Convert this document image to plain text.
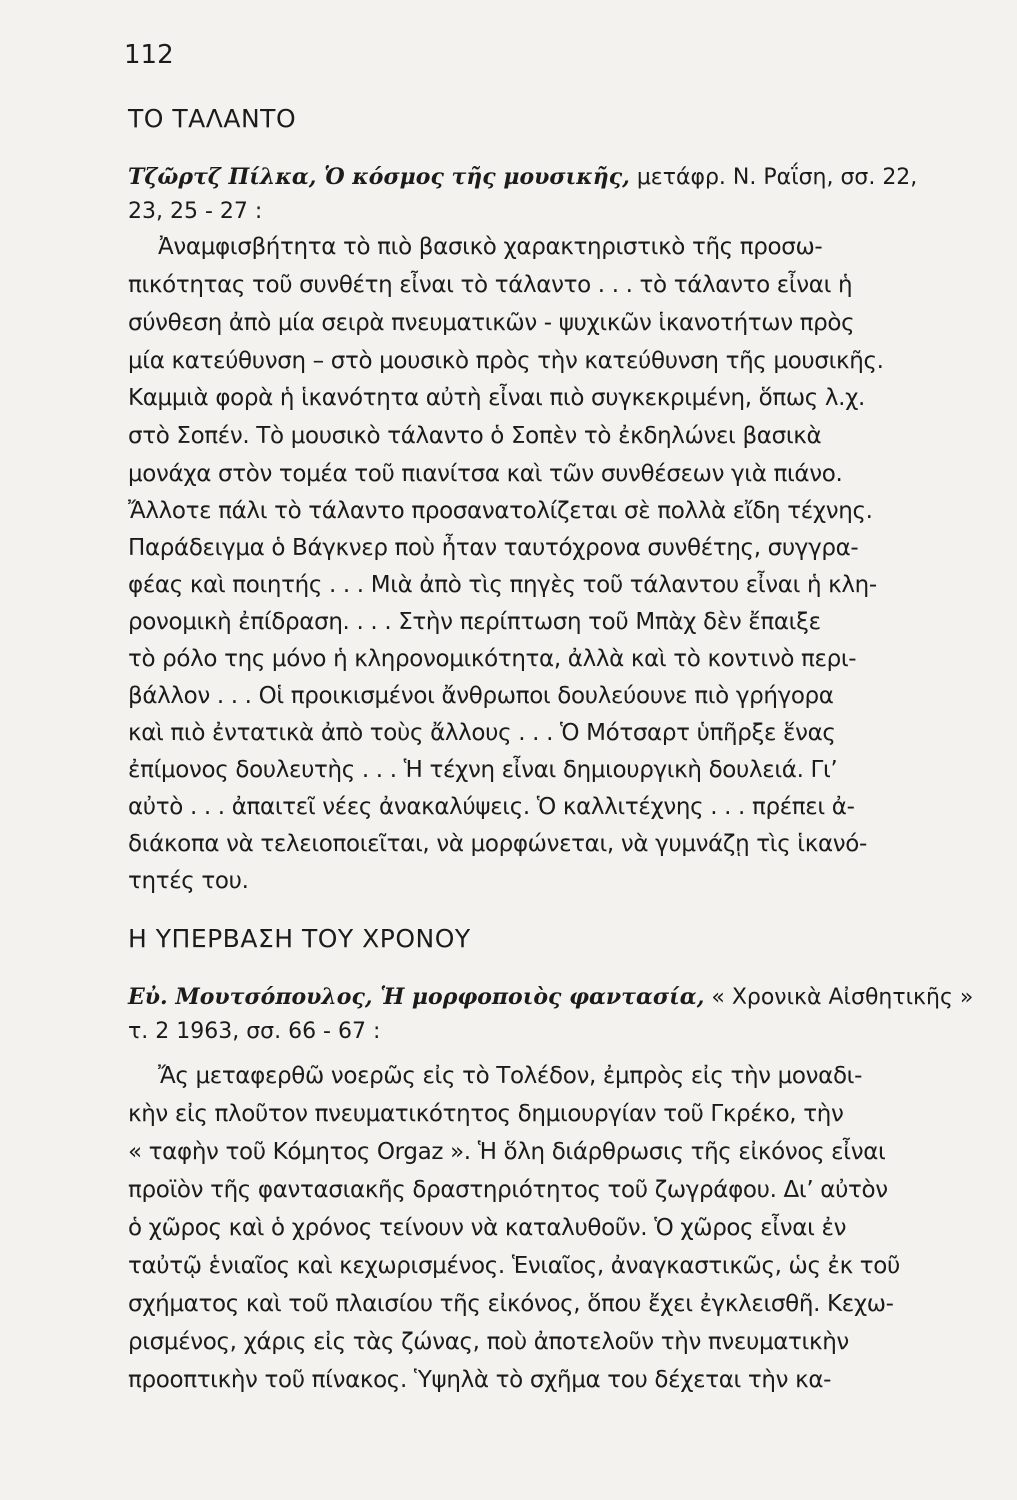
112
ΤΟ ΤΑΛΑΝΤΟ
Τζῶρτζ Πίλκα, Ὁ κόσμος τῆς μουσικῆς, μετάφρ. Ν. Ραΐση, σσ. 22,
23, 25 - 27 :
Ἀναμφισβήτητα τὸ πιὸ βασικὸ χαρακτηριστικὸ τῆς προσω-
πικότητας τοῦ συνθέτη εἶναι τὸ τάλαντο . . . τὸ τάλαντο εἶναι ἡ
σύνθεση ἀπὸ μία σειρὰ πνευματικῶν - ψυχικῶν ἱκανοτήτων πρὸς
μία κατεύθυνση – στὸ μουσικὸ πρὸς τὴν κατεύθυνση τῆς μουσικῆς.
Καμμιὰ φορὰ ἡ ἱκανότητα αὐτὴ εἶναι πιὸ συγκεκριμένη, ὅπως λ.χ.
στὸ Σοπέν. Τὸ μουσικὸ τάλαντο ὁ Σοπὲν τὸ ἐκδηλώνει βασικὰ
μονάχα στὸν τομέα τοῦ πιανίτσα καὶ τῶν συνθέσεων γιὰ πιάνο.
Ἄλλοτε πάλι τὸ τάλαντο προσανατολίζεται σὲ πολλὰ εἴδη τέχνης.
Παράδειγμα ὁ Βάγκνερ ποὺ ἦταν ταυτόχρονα συνθέτης, συγγρα-
φέας καὶ ποιητής . . . Μιὰ ἀπὸ τὶς πηγὲς τοῦ τάλαντου εἶναι ἡ κλη-
ρονομικὴ ἐπίδραση. . . . Στὴν περίπτωση τοῦ Μπὰχ δὲν ἔπαιξε
τὸ ρόλο της μόνο ἡ κληρονομικότητα, ἀλλὰ καὶ τὸ κοντινὸ περι-
βάλλον . . . Οἱ προικισμένοι ἄνθρωποι δουλεύουνε πιὸ γρήγορα
καὶ πιὸ ἐντατικὰ ἀπὸ τοὺς ἄλλους . . . Ὁ Μότσαρτ ὑπῆρξε ἕνας
ἐπίμονος δουλευτὴς . . . Ἡ τέχνη εἶναι δημιουργικὴ δουλειά. Γι’
αὐτὸ . . . ἀπαιτεῖ νέες ἀνακαλύψεις. Ὁ καλλιτέχνης . . . πρέπει ἀ-
διάκοπα νὰ τελειοποιεῖται, νὰ μορφώνεται, νὰ γυμνάζῃ τὶς ἱκανό-
τητές του.
Η ΥΠΕΡΒΑΣΗ ΤΟΥ ΧΡΟΝΟΥ
Εὐ. Μουτσόπουλος, Ἡ μορφοποιὸς φαντασία, « Χρονικὰ Αἰσθητικῆς »
τ. 2 1963, σσ. 66 - 67 :
Ἄς μεταφερθῶ νοερῶς εἰς τὸ Τολέδον, ἐμπρὸς εἰς τὴν μοναδι-
κὴν εἰς πλοῦτον πνευματικότητος δημιουργίαν τοῦ Γκρέκο, τὴν
« ταφὴν τοῦ Κόμητος Orgaz ». Ἡ ὅλη διάρθρωσις τῆς εἰκόνος εἶναι
προϊὸν τῆς φαντασιακῆς δραστηριότητος τοῦ ζωγράφου. Δι’ αὐτὸν
ὁ χῶρος καὶ ὁ χρόνος τείνουν νὰ καταλυθοῦν. Ὁ χῶρος εἶναι ἐν
ταὐτῷ ἑνιαῖος καὶ κεχωρισμένος. Ἑνιαῖος, ἀναγκαστικῶς, ὡς ἐκ τοῦ
σχήματος καὶ τοῦ πλαισίου τῆς εἰκόνος, ὅπου ἔχει ἐγκλεισθῆ. Κεχω-
ρισμένος, χάρις εἰς τὰς ζώνας, ποὺ ἀποτελοῦν τὴν πνευματικὴν
προοπτικὴν τοῦ πίνακος. Ὑψηλὰ τὸ σχῆμα του δέχεται τὴν κα-
